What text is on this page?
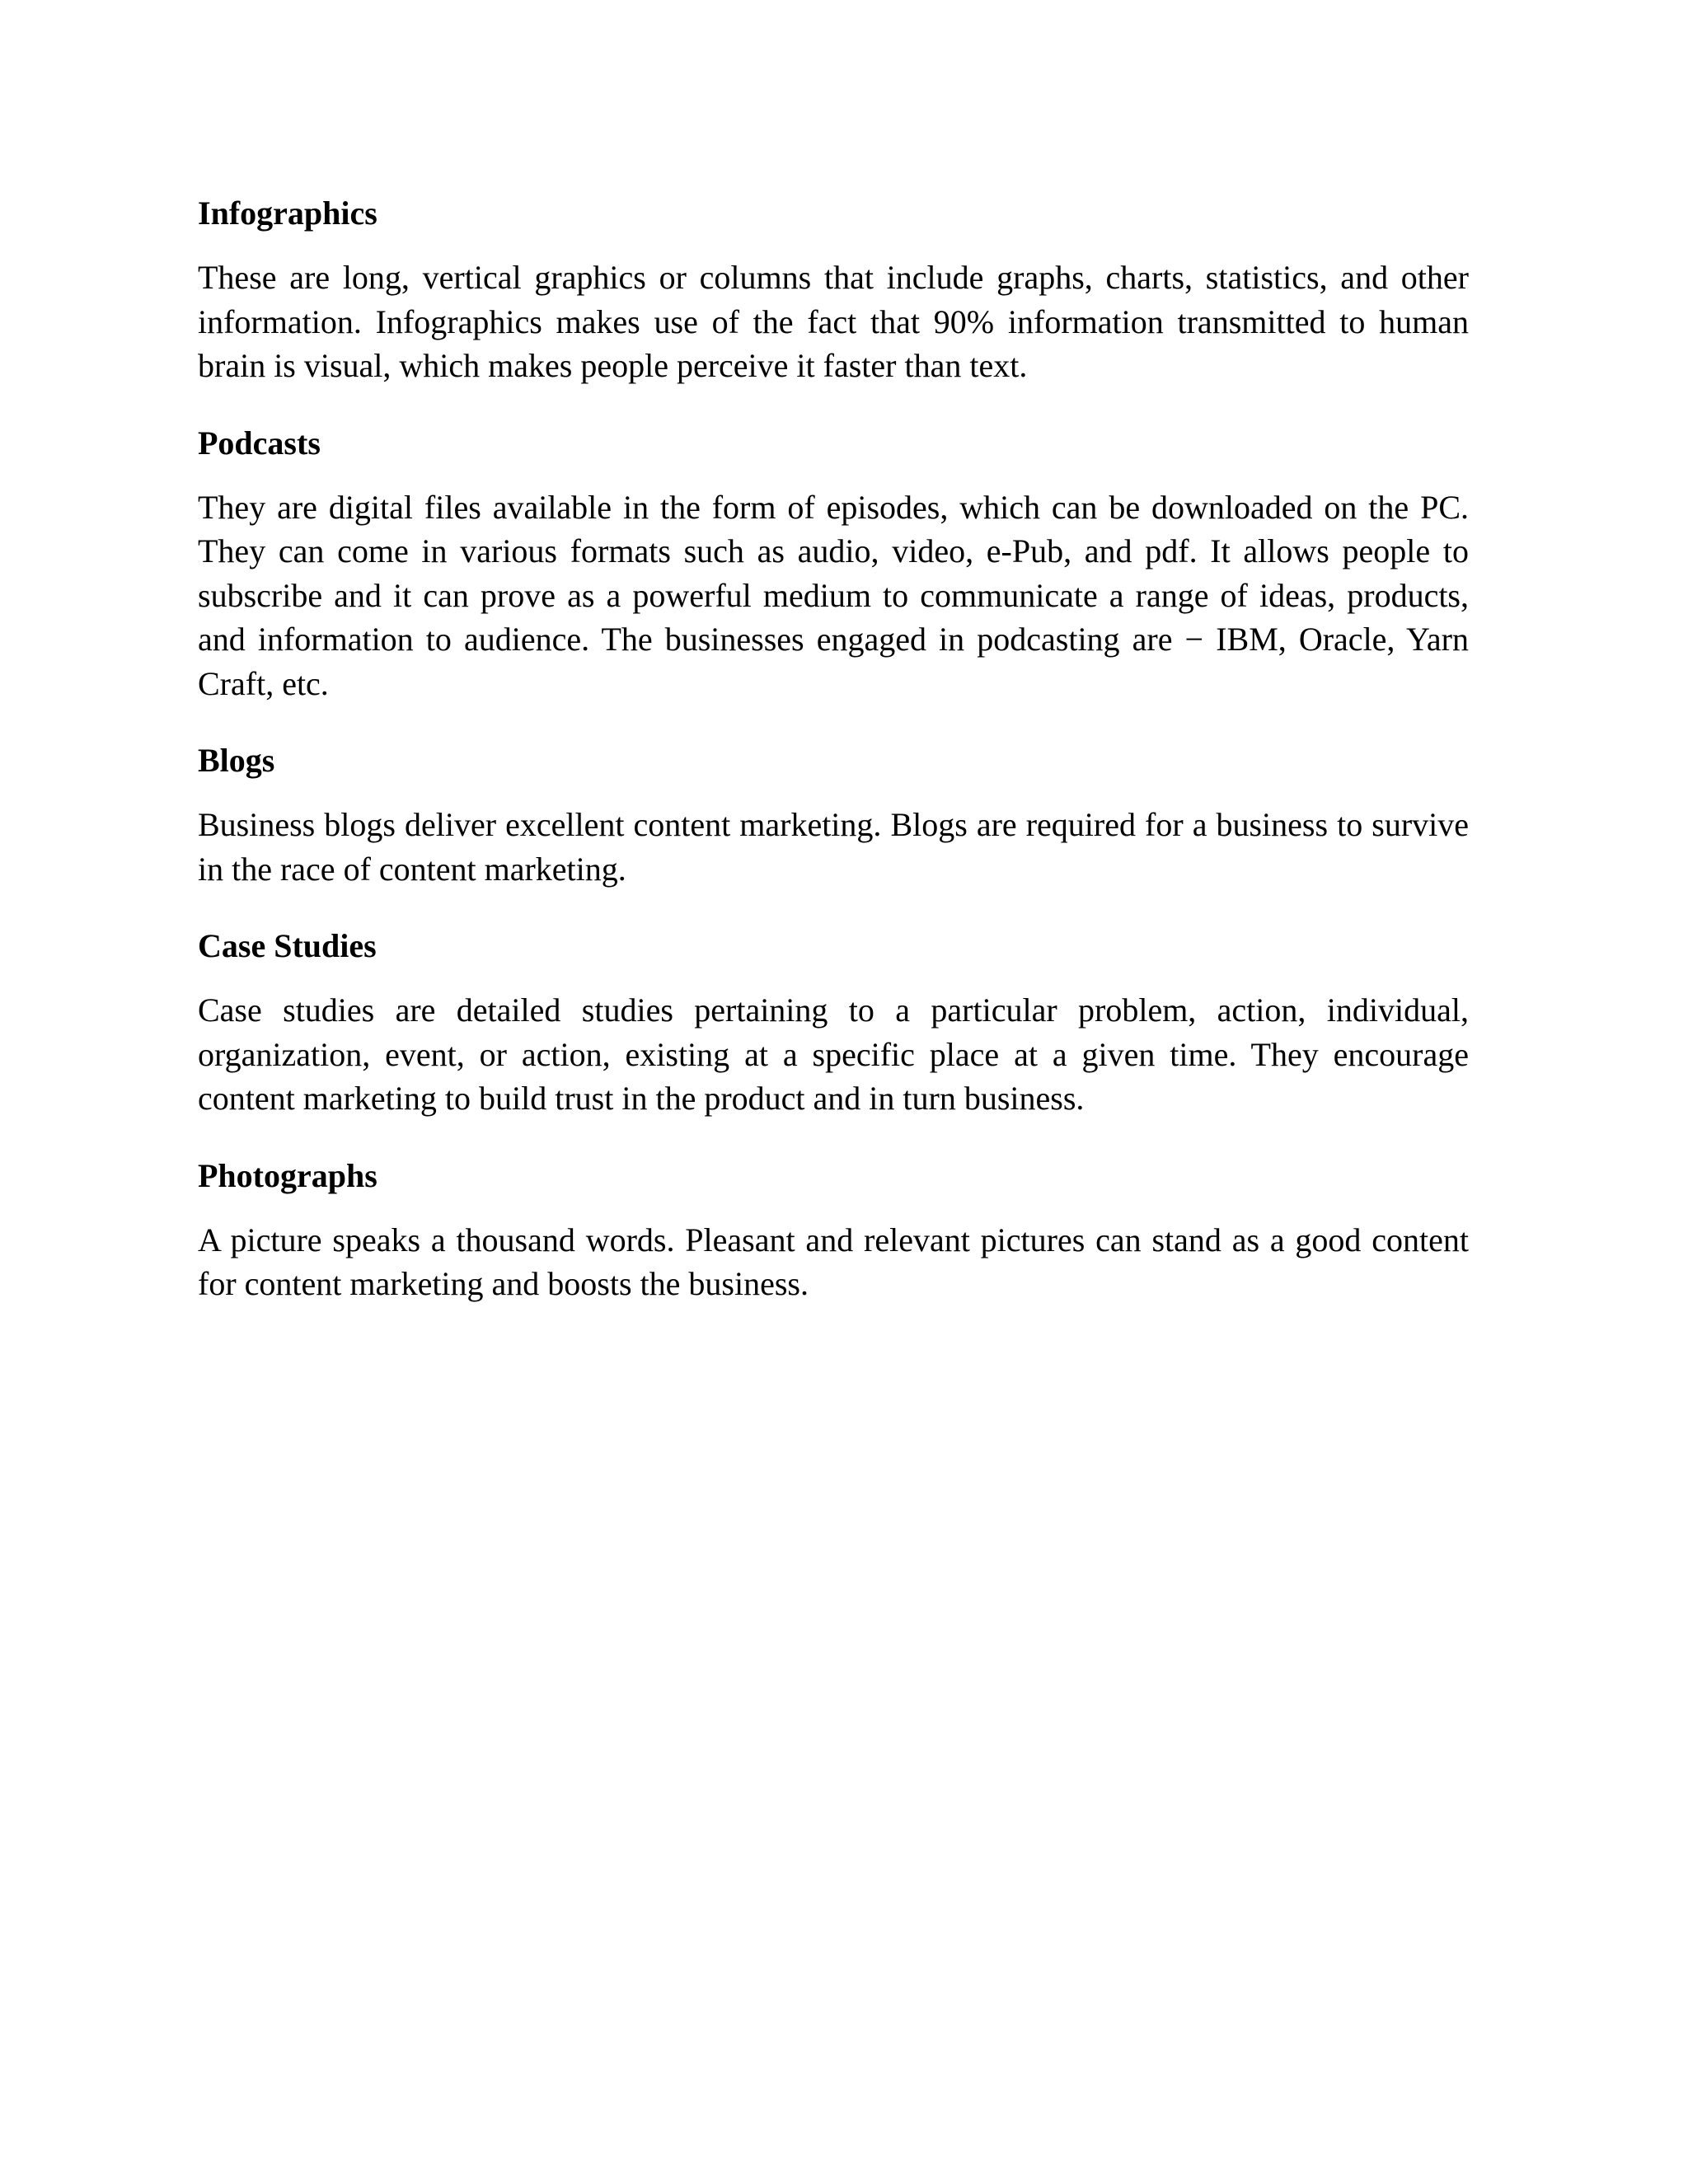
Infographics

These are long, vertical graphics or columns that include graphs, charts, statistics, and other information. Infographics makes use of the fact that 90% information transmitted to human brain is visual, which makes people perceive it faster than text.

Podcasts

They are digital files available in the form of episodes, which can be downloaded on the PC. They can come in various formats such as audio, video, e-Pub, and pdf. It allows people to subscribe and it can prove as a powerful medium to communicate a range of ideas, products, and information to audience. The businesses engaged in podcasting are − IBM, Oracle, Yarn Craft, etc.

Blogs

Business blogs deliver excellent content marketing. Blogs are required for a business to survive in the race of content marketing.

Case Studies

Case studies are detailed studies pertaining to a particular problem, action, individual, organization, event, or action, existing at a specific place at a given time. They encourage content marketing to build trust in the product and in turn business.

Photographs

A picture speaks a thousand words. Pleasant and relevant pictures can stand as a good content for content marketing and boosts the business.
